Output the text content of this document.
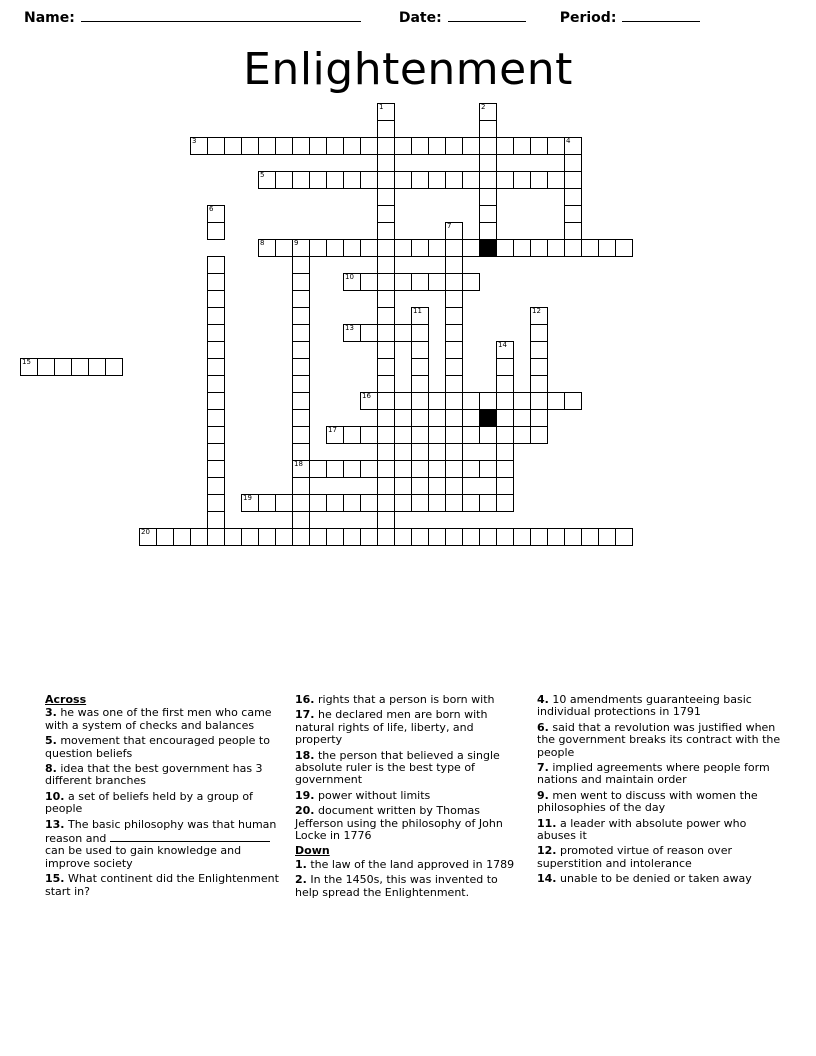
Name:	Date:	Period:
Enlightenment
1	2
3	4
5
6
7
8	9
10
11	12
13
14
15
16
17
18
19
20
Across
3. he was one of the first men who came with a system of checks and balances
5. movement that encouraged people to question beliefs
8. idea that the best government has 3 different branches
10. a set of beliefs held by a group of people
13. The basic philosophy was that human reason and  can be used to gain knowledge and improve society
15. What continent did the Enlightenment start in?
16. rights that a person is born with
17. he declared men are born with natural rights of life, liberty, and property
18. the person that believed a single absolute ruler is the best type of government
19. power without limits
20. document written by Thomas Jefferson using the philosophy of John Locke in 1776
Down
1. the law of the land approved in 1789
2. In the 1450s, this was invented to help spread the Enlightenment.
4. 10 amendments guaranteeing basic individual protections in 1791
6. said that a revolution was justified when the government breaks its contract with the people
7. implied agreements where people form nations and maintain order
9. men went to discuss with women the philosophies of the day
11. a leader with absolute power who abuses it
12. promoted virtue of reason over superstition and intolerance
14. unable to be denied or taken away
